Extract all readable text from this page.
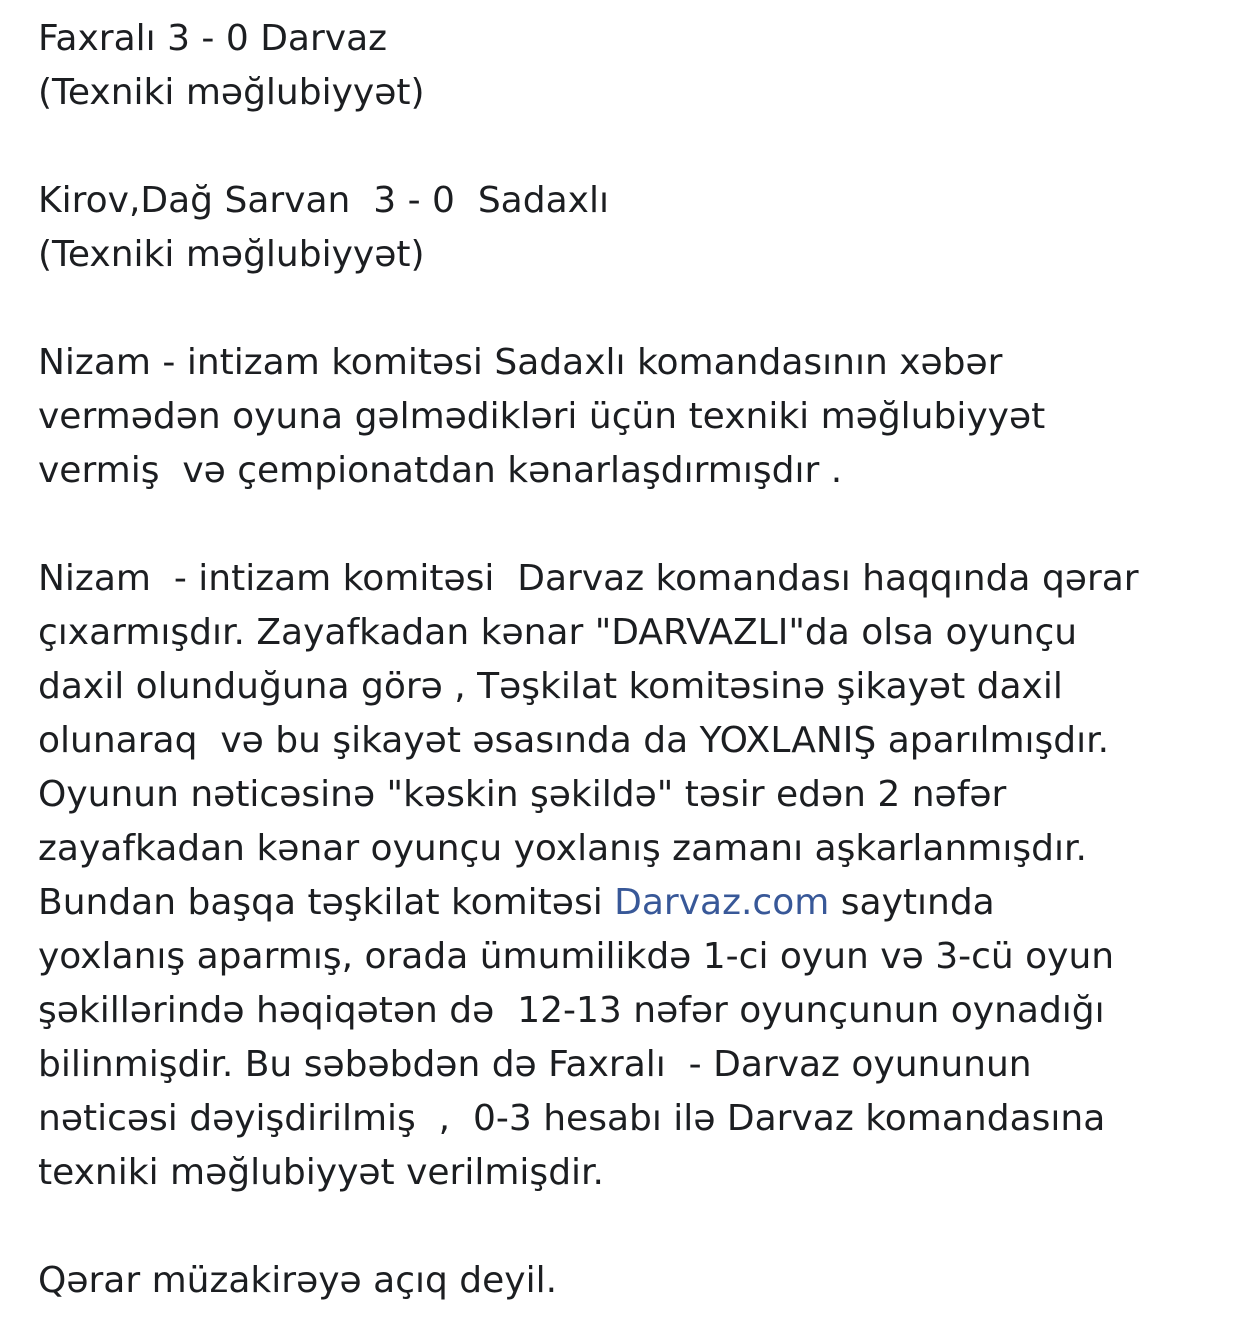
Faxralı 3 - 0 Darvaz
(Texniki məğlubiyyət)
Kirov,Dağ Sarvan  3 - 0  Sadaxlı
(Texniki məğlubiyyət)
Nizam - intizam komitəsi Sadaxlı komandasının xəbər
vermədən oyuna gəlmədikləri üçün texniki məğlubiyyət
vermiş  və çempionatdan kənarlaşdırmışdır .
Nizam  - intizam komitəsi  Darvaz komandası haqqında qərar
çıxarmışdır. Zayafkadan kənar "DARVAZLI"da olsa oyunçu
daxil olunduğuna görə , Təşkilat komitəsinə şikayət daxil
olunaraq  və bu şikayət əsasında da YOXLANIŞ aparılmışdır.
Oyunun nəticəsinə "kəskin şəkildə" təsir edən 2 nəfər
zayafkadan kənar oyunçu yoxlanış zamanı aşkarlanmışdır.
Bundan başqa təşkilat komitəsi Darvaz.com saytında
yoxlanış aparmış, orada ümumilikdə 1-ci oyun və 3-cü oyun
şəkillərində həqiqətən də  12-13 nəfər oyunçunun oynadığı
bilinmişdir. Bu səbəbdən də Faxralı  - Darvaz oyununun
nəticəsi dəyişdirilmiş  ,  0-3 hesabı ilə Darvaz komandasına
texniki məğlubiyyət verilmişdir.
Qərar müzakirəyə açıq deyil.
